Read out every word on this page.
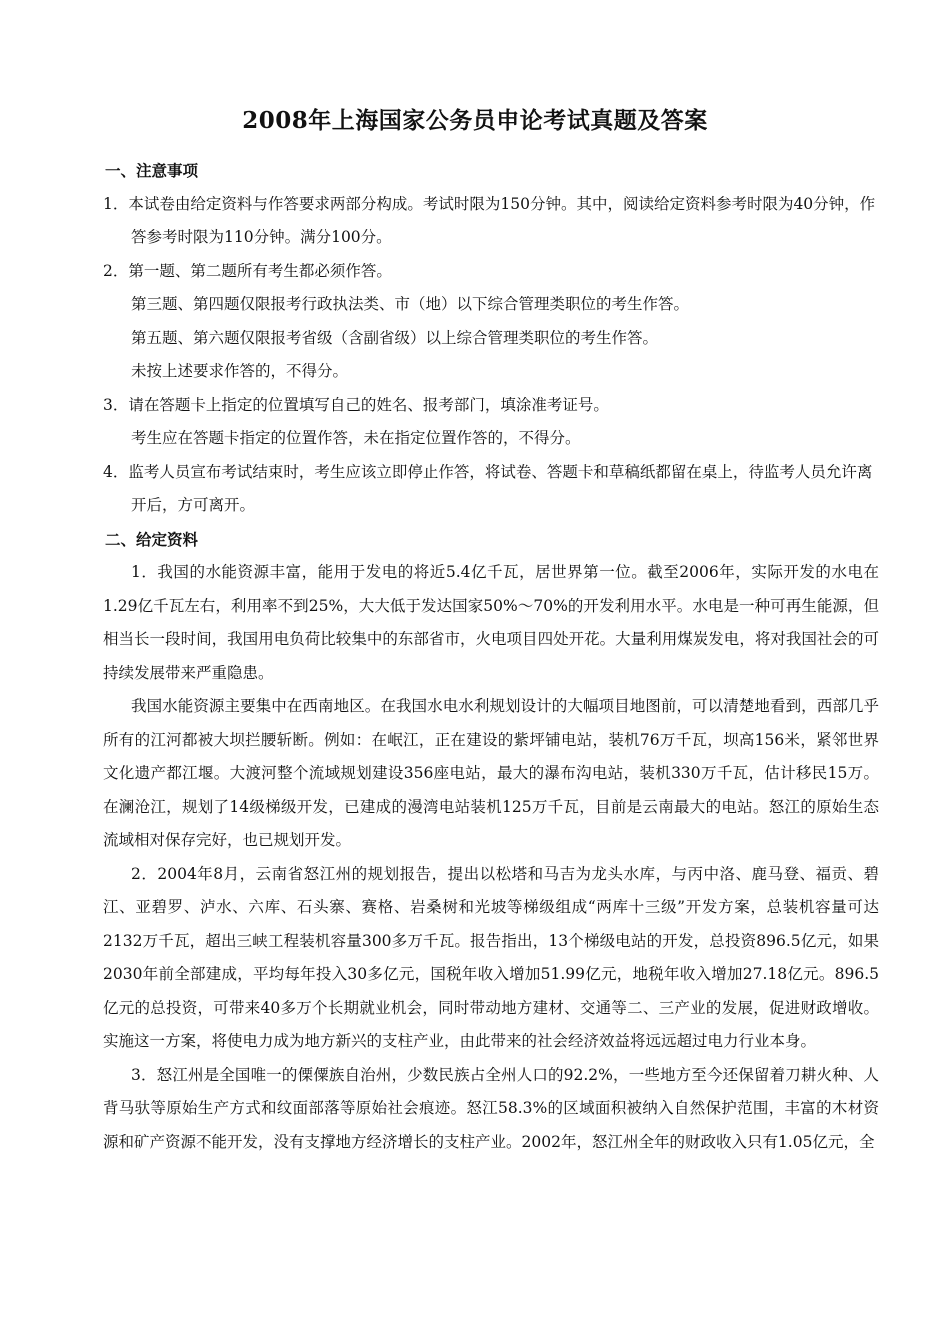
2008年上海国家公务员申论考试真题及答案

一、注意事项

1．本试卷由给定资料与作答要求两部分构成。考试时限为150分钟。其中，阅读给定资料参考时限为40分钟，作答参考时限为110分钟。满分100分。

2．第一题、第二题所有考生都必须作答。

第三题、第四题仅限报考行政执法类、市（地）以下综合管理类职位的考生作答。

第五题、第六题仅限报考省级（含副省级）以上综合管理类职位的考生作答。

未按上述要求作答的，不得分。

3．请在答题卡上指定的位置填写自己的姓名、报考部门，填涂准考证号。

考生应在答题卡指定的位置作答，未在指定位置作答的，不得分。

4．监考人员宣布考试结束时，考生应该立即停止作答，将试卷、答题卡和草稿纸都留在桌上，待监考人员允许离开后，方可离开。

二、给定资料

1．我国的水能资源丰富，能用于发电的将近5.4亿千瓦，居世界第一位。截至2006年，实际开发的水电在1.29亿千瓦左右，利用率不到25%，大大低于发达国家50%～70%的开发利用水平。水电是一种可再生能源，但相当长一段时间，我国用电负荷比较集中的东部省市，火电项目四处开花。大量利用煤炭发电，将对我国社会的可持续发展带来严重隐患。

我国水能资源主要集中在西南地区。在我国水电水利规划设计的大幅项目地图前，可以清楚地看到，西部几乎所有的江河都被大坝拦腰斩断。例如：在岷江，正在建设的紫坪铺电站，装机76万千瓦，坝高156米，紧邻世界文化遗产都江堰。大渡河整个流域规划建设356座电站，最大的瀑布沟电站，装机330万千瓦，估计移民15万。在澜沧江，规划了14级梯级开发，已建成的漫湾电站装机125万千瓦，目前是云南最大的电站。怒江的原始生态流域相对保存完好，也已规划开发。

2．2004年8月，云南省怒江州的规划报告，提出以松塔和马吉为龙头水库，与丙中洛、鹿马登、福贡、碧江、亚碧罗、泸水、六库、石头寨、赛格、岩桑树和光坡等梯级组成“两库十三级”开发方案，总装机容量可达2132万千瓦，超出三峡工程装机容量300多万千瓦。报告指出，13个梯级电站的开发，总投资896.5亿元，如果2030年前全部建成，平均每年投入30多亿元，国税年收入增加51.99亿元，地税年收入增加27.18亿元。896.5亿元的总投资，可带来40多万个长期就业机会，同时带动地方建材、交通等二、三产业的发展，促进财政增收。实施这一方案，将使电力成为地方新兴的支柱产业，由此带来的社会经济效益将远远超过电力行业本身。

3．怒江州是全国唯一的傈僳族自治州，少数民族占全州人口的92.2%，一些地方至今还保留着刀耕火种、人背马驮等原始生产方式和纹面部落等原始社会痕迹。怒江58.3%的区域面积被纳入自然保护范围，丰富的木材资源和矿产资源不能开发，没有支撑地方经济增长的支柱产业。2002年，怒江州全年的财政收入只有1.05亿元，全
